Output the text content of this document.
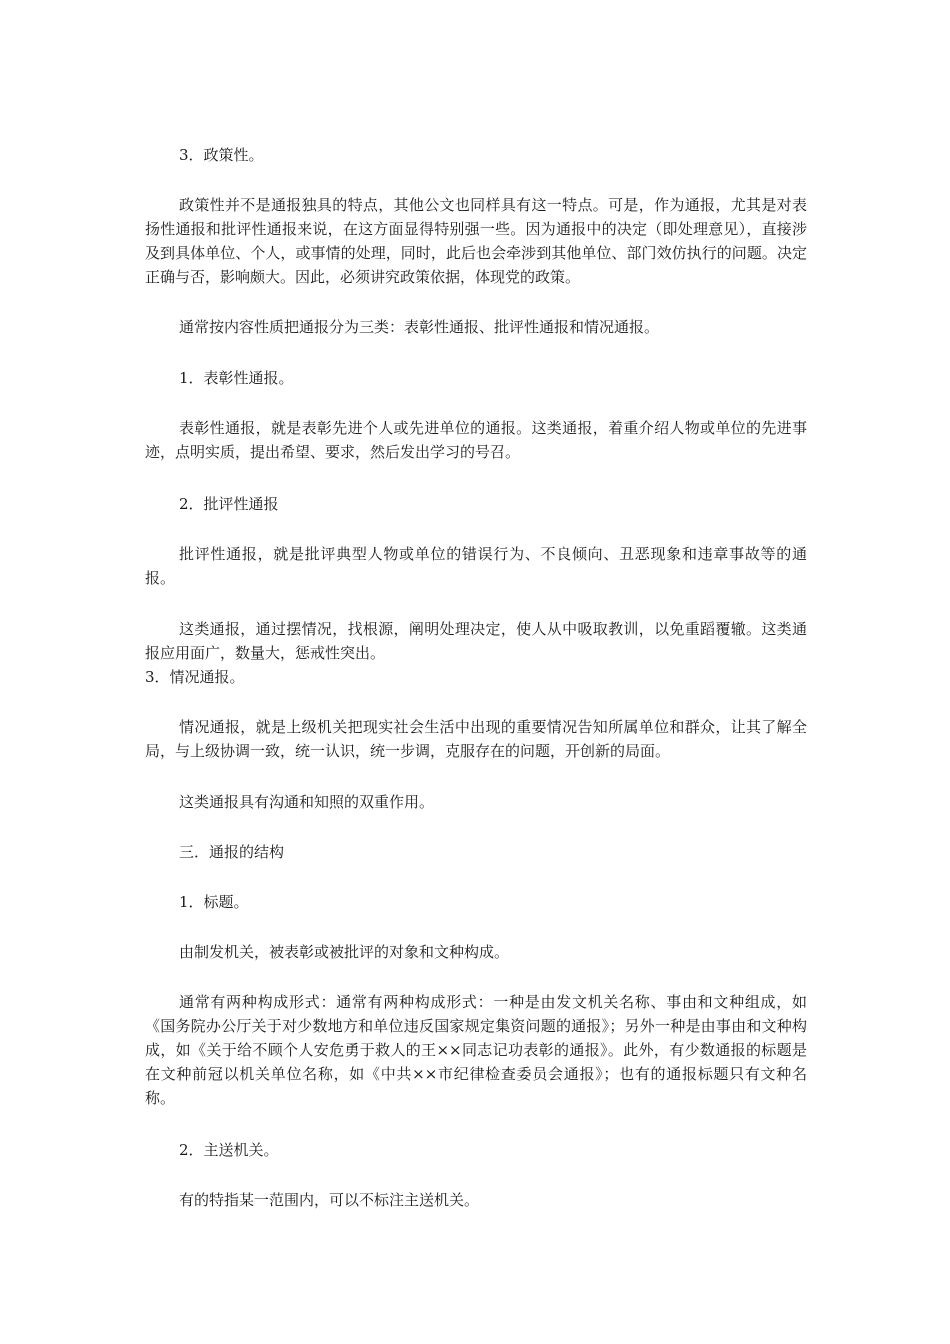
3．政策性。

政策性并不是通报独具的特点，其他公文也同样具有这一特点。可是，作为通报，尤其是对表扬性通报和批评性通报来说，在这方面显得特别强一些。因为通报中的决定（即处理意见），直接涉及到具体单位、个人，或事情的处理，同时，此后也会牵涉到其他单位、部门效仿执行的问题。决定正确与否，影响颇大。因此，必须讲究政策依据，体现党的政策。

通常按内容性质把通报分为三类：表彰性通报、批评性通报和情况通报。

1．表彰性通报。

表彰性通报，就是表彰先进个人或先进单位的通报。这类通报，着重介绍人物或单位的先进事迹，点明实质，提出希望、要求，然后发出学习的号召。

2．批评性通报

批评性通报，就是批评典型人物或单位的错误行为、不良倾向、丑恶现象和违章事故等的通报。

这类通报，通过摆情况，找根源，阐明处理决定，使人从中吸取教训，以免重蹈覆辙。这类通报应用面广，数量大，惩戒性突出。

3．情况通报。

情况通报，就是上级机关把现实社会生活中出现的重要情况告知所属单位和群众，让其了解全局，与上级协调一致，统一认识，统一步调，克服存在的问题，开创新的局面。

这类通报具有沟通和知照的双重作用。

三．通报的结构

1．标题。

由制发机关，被表彰或被批评的对象和文种构成。

通常有两种构成形式：通常有两种构成形式：一种是由发文机关名称、事由和文种组成，如《国务院办公厅关于对少数地方和单位违反国家规定集资问题的通报》；另外一种是由事由和文种构成，如《关于给不顾个人安危勇于救人的王××同志记功表彰的通报》。此外，有少数通报的标题是在文种前冠以机关单位名称，如《中共××市纪律检查委员会通报》；也有的通报标题只有文种名称。

2．主送机关。

有的特指某一范围内，可以不标注主送机关。
